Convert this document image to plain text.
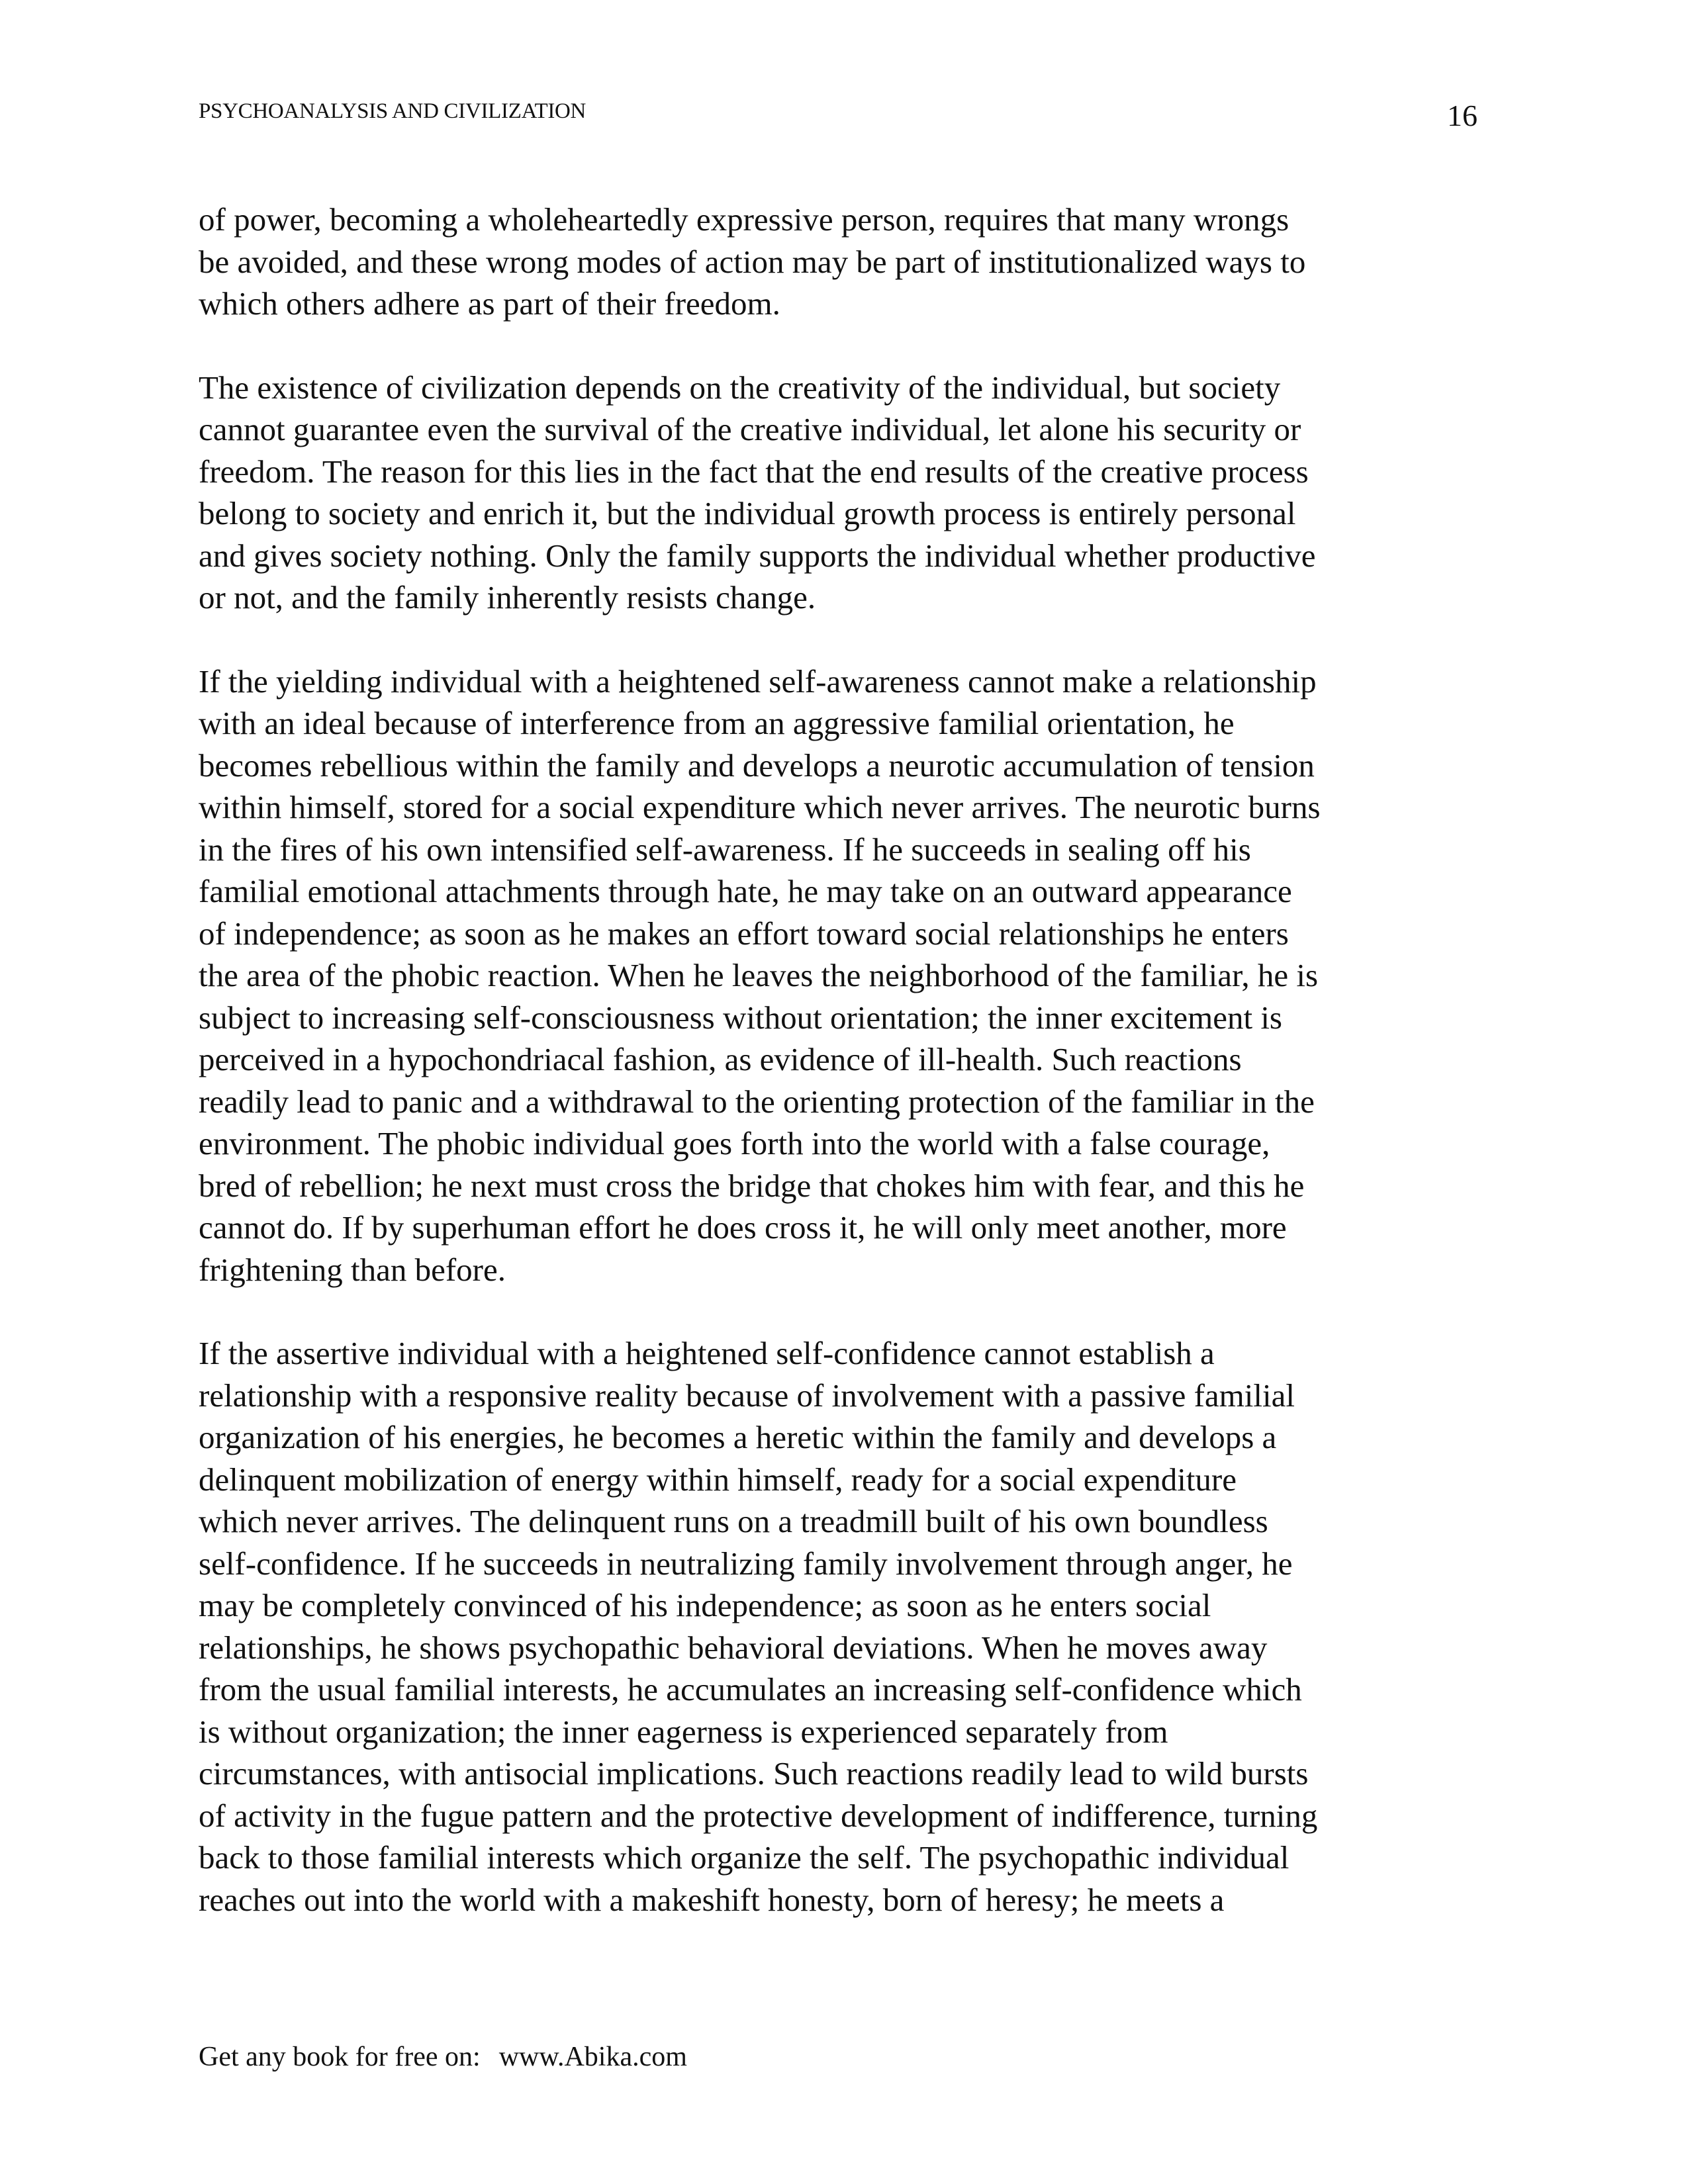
PSYCHOANALYSIS AND CIVILIZATION	16

of power, becoming a wholeheartedly expressive person, requires that many wrongs
be avoided, and these wrong modes of action may be part of institutionalized ways to
which others adhere as part of their freedom.

The existence of civilization depends on the creativity of the individual, but society
cannot guarantee even the survival of the creative individual, let alone his security or
freedom. The reason for this lies in the fact that the end results of the creative process
belong to society and enrich it, but the individual growth process is entirely personal
and gives society nothing. Only the family supports the individual whether productive
or not, and the family inherently resists change.

If the yielding individual with a heightened self-awareness cannot make a relationship
with an ideal because of interference from an aggressive familial orientation, he
becomes rebellious within the family and develops a neurotic accumulation of tension
within himself, stored for a social expenditure which never arrives. The neurotic burns
in the fires of his own intensified self-awareness. If he succeeds in sealing off his
familial emotional attachments through hate, he may take on an outward appearance
of independence; as soon as he makes an effort toward social relationships he enters
the area of the phobic reaction. When he leaves the neighborhood of the familiar, he is
subject to increasing self-consciousness without orientation; the inner excitement is
perceived in a hypochondriacal fashion, as evidence of ill-health. Such reactions
readily lead to panic and a withdrawal to the orienting protection of the familiar in the
environment. The phobic individual goes forth into the world with a false courage,
bred of rebellion; he next must cross the bridge that chokes him with fear, and this he
cannot do. If by superhuman effort he does cross it, he will only meet another, more
frightening than before.

If the assertive individual with a heightened self-confidence cannot establish a
relationship with a responsive reality because of involvement with a passive familial
organization of his energies, he becomes a heretic within the family and develops a
delinquent mobilization of energy within himself, ready for a social expenditure
which never arrives. The delinquent runs on a treadmill built of his own boundless
self-confidence. If he succeeds in neutralizing family involvement through anger, he
may be completely convinced of his independence; as soon as he enters social
relationships, he shows psychopathic behavioral deviations. When he moves away
from the usual familial interests, he accumulates an increasing self-confidence which
is without organization; the inner eagerness is experienced separately from
circumstances, with antisocial implications. Such reactions readily lead to wild bursts
of activity in the fugue pattern and the protective development of indifference, turning
back to those familial interests which organize the self. The psychopathic individual
reaches out into the world with a makeshift honesty, born of heresy; he meets a

Get any book for free on: www.Abika.com
